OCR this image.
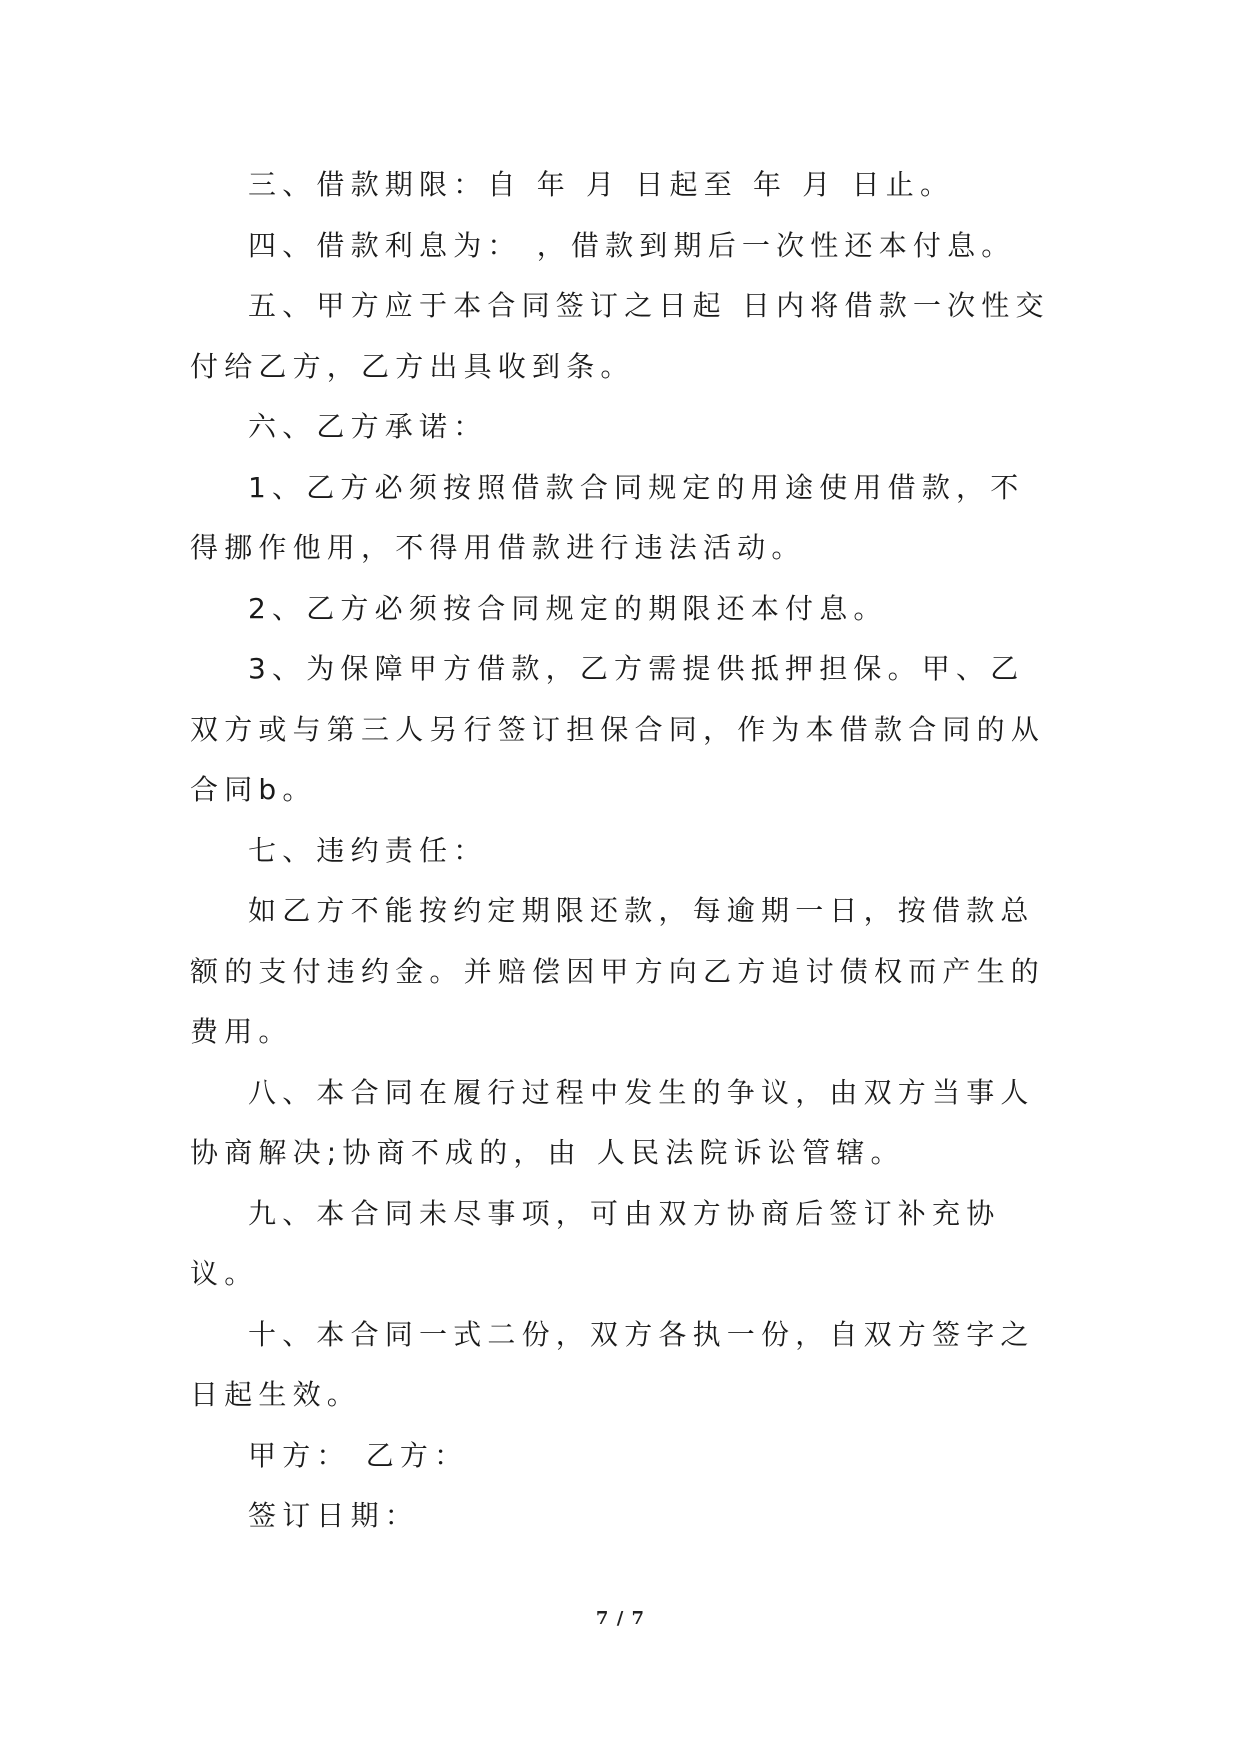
三、借款期限：自 年 月 日起至 年 月 日止。

四、借款利息为： ，借款到期后一次性还本付息。

五、甲方应于本合同签订之日起 日内将借款一次性交付给乙方，乙方出具收到条。

六、乙方承诺：

1、乙方必须按照借款合同规定的用途使用借款，不得挪作他用，不得用借款进行违法活动。

2、乙方必须按合同规定的期限还本付息。

3、为保障甲方借款，乙方需提供抵押担保。甲、乙双方或与第三人另行签订担保合同，作为本借款合同的从合同b。

七、违约责任：

如乙方不能按约定期限还款，每逾期一日，按借款总额的支付违约金。并赔偿因甲方向乙方追讨债权而产生的费用。

八、本合同在履行过程中发生的争议，由双方当事人协商解决;协商不成的，由 人民法院诉讼管辖。

九、本合同未尽事项，可由双方协商后签订补充协议。

十、本合同一式二份，双方各执一份，自双方签字之日起生效。

甲方： 乙方：

签订日期：

7 / 7
